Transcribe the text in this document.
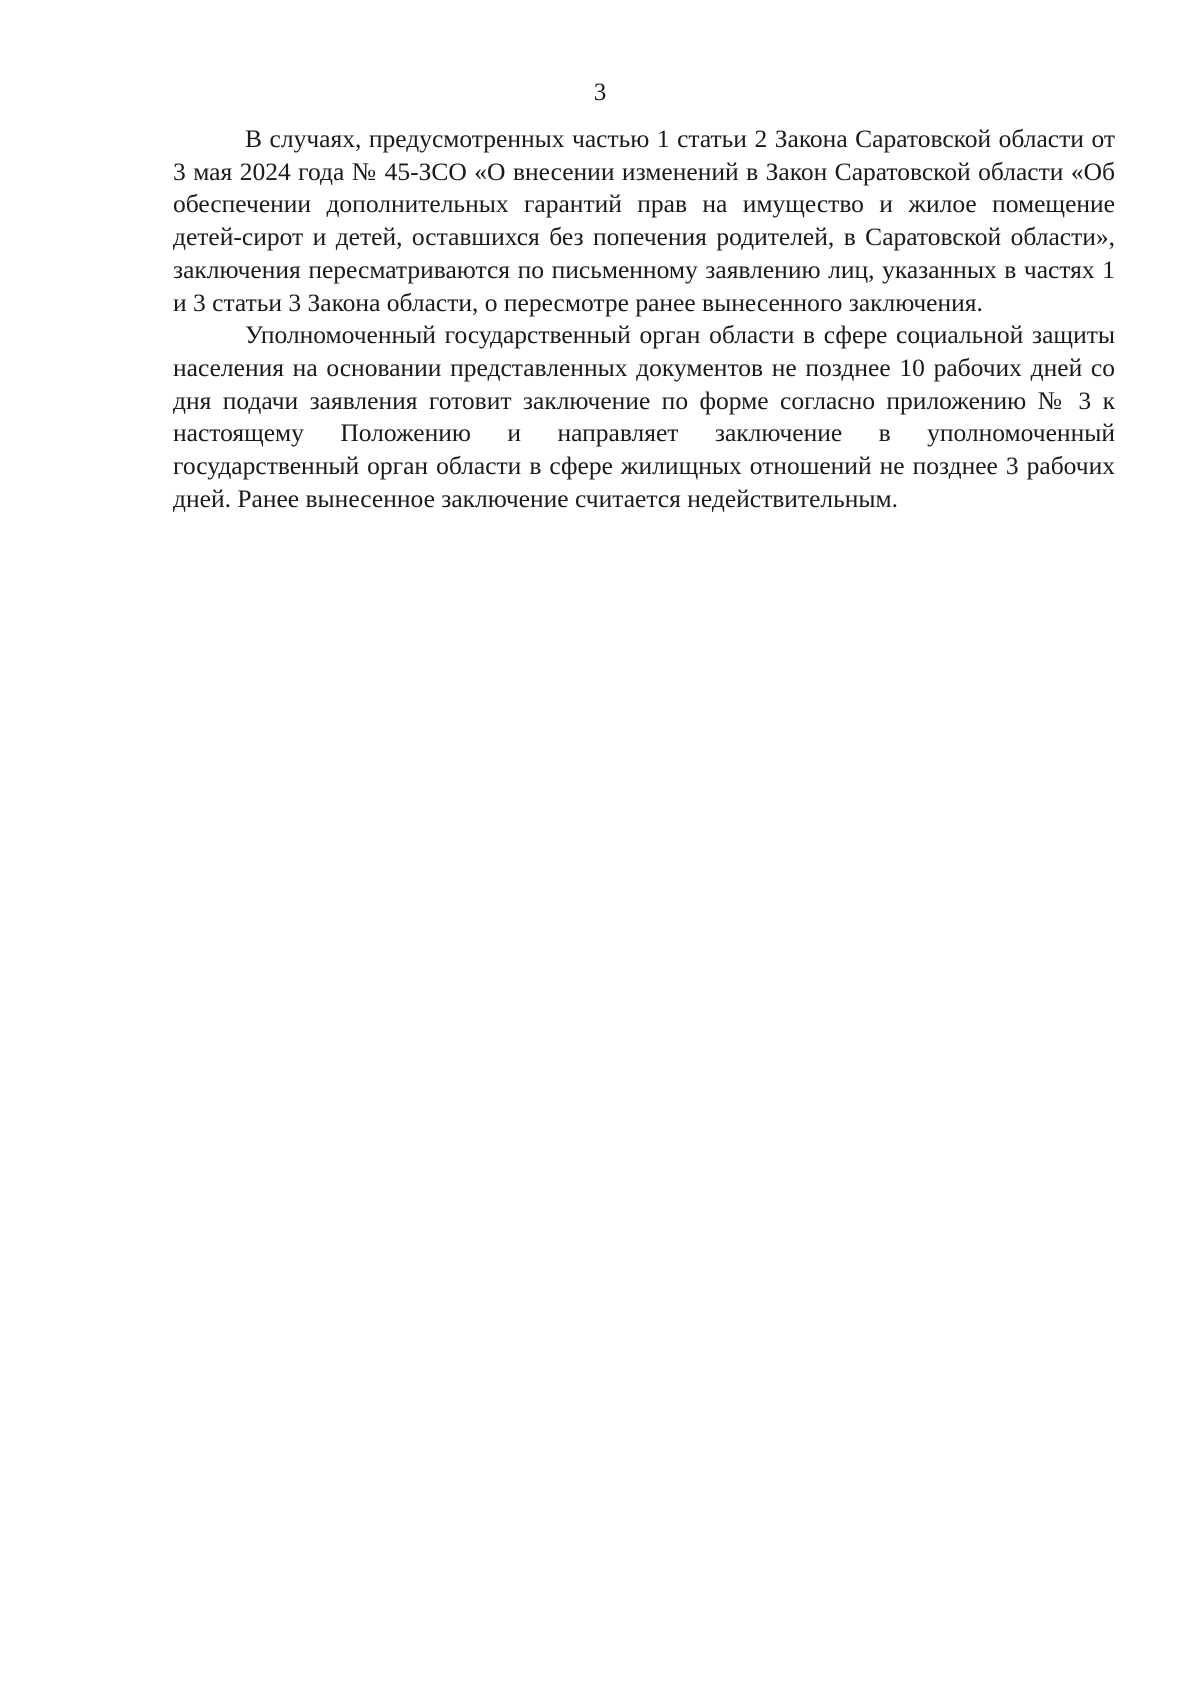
3

В случаях, предусмотренных частью 1 статьи 2 Закона Саратовской области от 3 мая 2024 года № 45-ЗСО «О внесении изменений в Закон Саратовской области «Об обеспечении дополнительных гарантий прав на имущество и жилое помещение детей-сирот и детей, оставшихся без попечения родителей, в Саратовской области», заключения пересматриваются по письменному заявлению лиц, указанных в частях 1 и 3 статьи 3 Закона области, о пересмотре ранее вынесенного заключения.

Уполномоченный государственный орган области в сфере социальной защиты населения на основании представленных документов не позднее 10 рабочих дней со дня подачи заявления готовит заключение по форме согласно приложению № 3 к настоящему Положению и направляет заключение в уполномоченный государственный орган области в сфере жилищных отношений не позднее 3 рабочих дней. Ранее вынесенное заключение считается недействительным.
